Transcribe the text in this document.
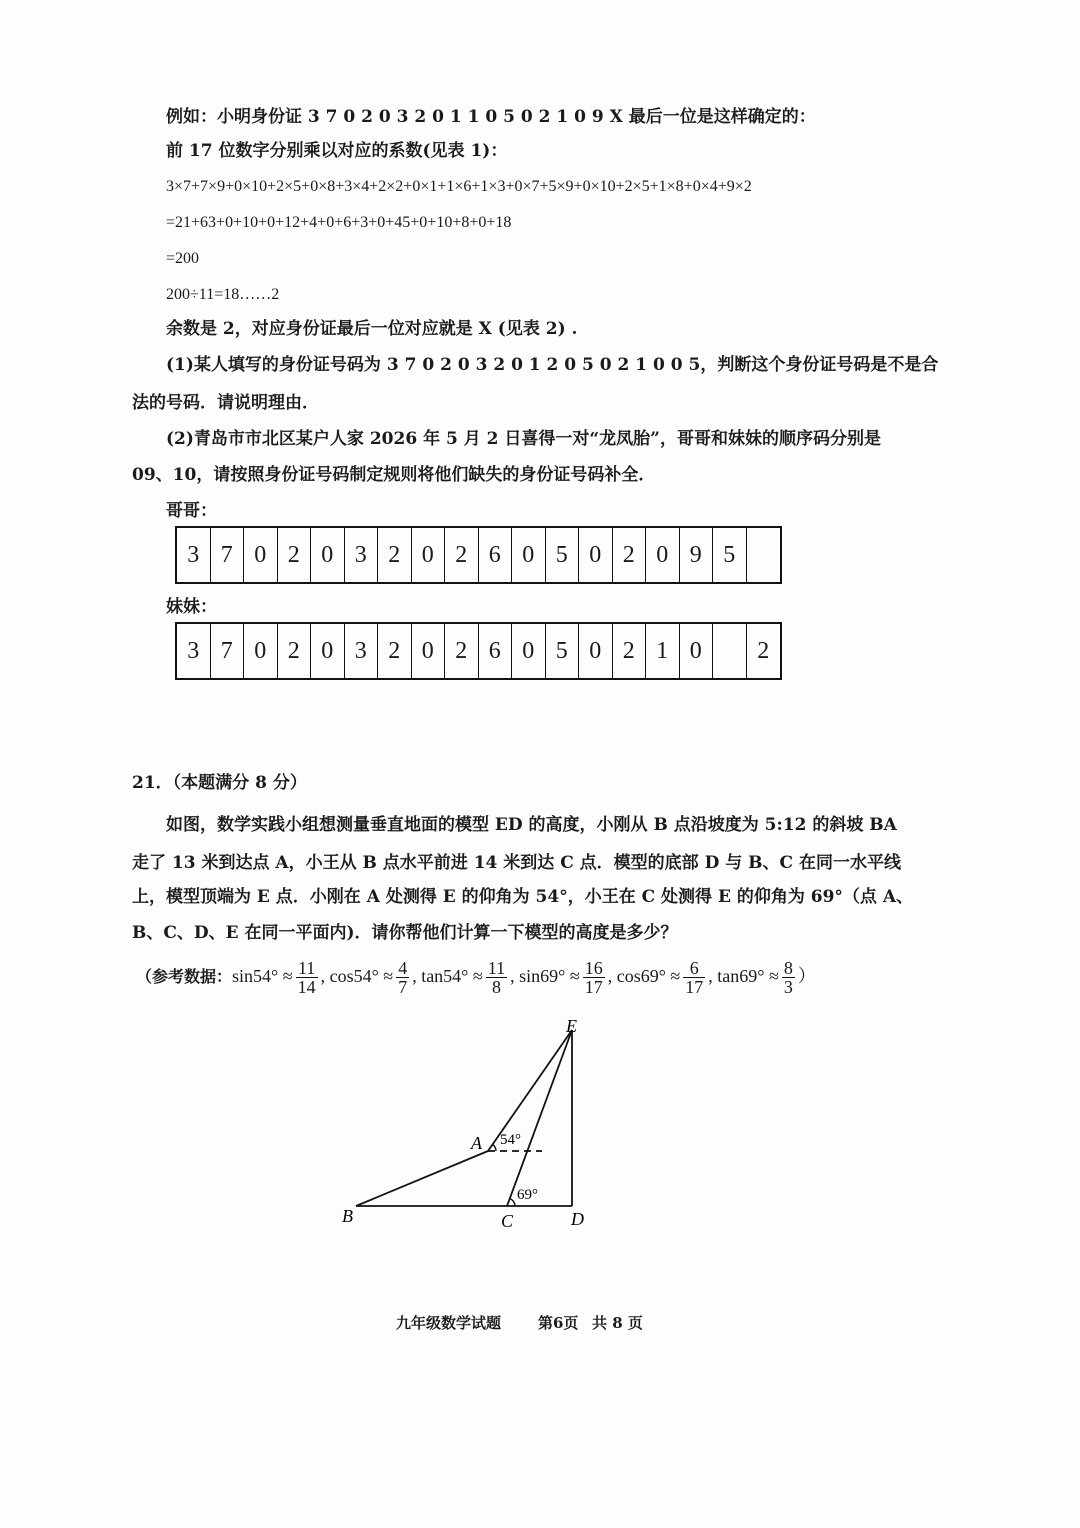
例如：小明身份证 3 7 0 2 0 3 2 0 1 1 0 5 0 2 1 0 9 X 最后一位是这样确定的：
前 17 位数字分别乘以对应的系数(见表 1)：
3×7+7×9+0×10+2×5+0×8+3×4+2×2+0×1+1×6+1×3+0×7+5×9+0×10+2×5+1×8+0×4+9×2
=21+63+0+10+0+12+4+0+6+3+0+45+0+10+8+0+18
=200
200÷11=18……2
余数是 2，对应身份证最后一位对应就是 X (见表 2) .
(1)某人填写的身份证号码为 3 7 0 2 0 3 2 0 1 2 0 5 0 2 1 0 0 5，判断这个身份证号码是不是合
法的号码．请说明理由．
(2)青岛市市北区某户人家 2026 年 5 月 2 日喜得一对“龙凤胎”，哥哥和妹妹的顺序码分别是
09、10，请按照身份证号码制定规则将他们缺失的身份证号码补全．
哥哥：
3 7 0 2 0 3 2 0 2 6 0 5 0 2 0 9 5
妹妹：
3 7 0 2 0 3 2 0 2 6 0 5 0 2 1 0	2
21．（本题满分 8 分）
如图，数学实践小组想测量垂直地面的模型 ED 的高度，小刚从 B 点沿坡度为 5:12 的斜坡 BA
走了 13 米到达点 A，小王从 B 点水平前进 14 米到达 C 点．模型的底部 D 与 B、C 在同一水平线
上，模型顶端为 E 点．小刚在 A 处测得 E 的仰角为 54°，小王在 C 处测得 E 的仰角为 69°（点 A、
B、C、D、E 在同一平面内)．请你帮他们计算一下模型的高度是多少？
（参考数据：$\sin 54^\circ \approx \frac{11}{14}$ , $\cos 54^\circ \approx \frac{4}{7}$ , $\tan 54^\circ \approx \frac{11}{8}$ , $\sin 69^\circ \approx \frac{16}{17}$ , $\cos 69^\circ \approx \frac{6}{17}$ , $\tan 69^\circ \approx \frac{8}{3}$ ）
E
A
B	C	D
54°
69°
九年级数学试题 第6页 共 8 页
